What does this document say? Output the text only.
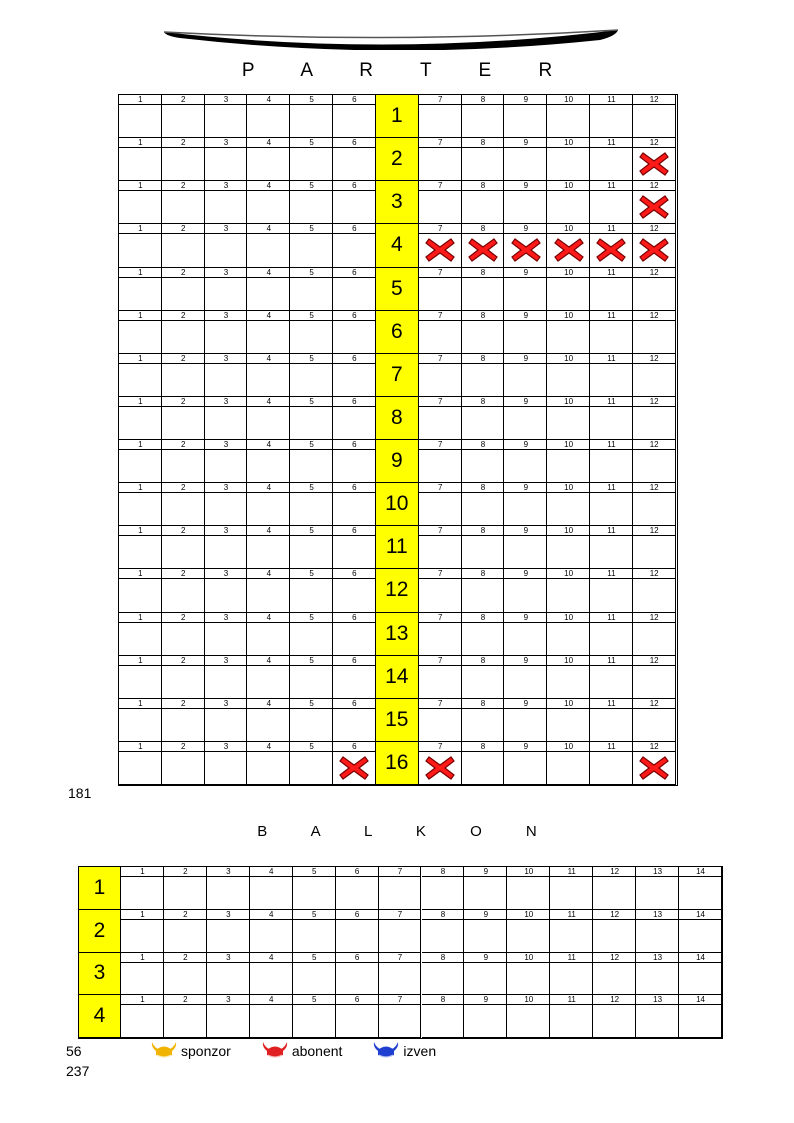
P A R T E R
1	2	3	4	5	6	7	8	9	10	11	12
1
1	2	3	4	5	6	7	8	9	10	11	12
2
1	2	3	4	5	6	7	8	9	10	11	12
3
1	2	3	4	5	6	7	8	9	10	11	12
4
1	2	3	4	5	6	7	8	9	10	11	12
5
1	2	3	4	5	6	7	8	9	10	11	12
6
1	2	3	4	5	6	7	8	9	10	11	12
7
1	2	3	4	5	6	7	8	9	10	11	12
8
1	2	3	4	5	6	7	8	9	10	11	12
9
1	2	3	4	5	6	7	8	9	10	11	12
10
1	2	3	4	5	6	7	8	9	10	11	12
11
1	2	3	4	5	6	7	8	9	10	11	12
12
1	2	3	4	5	6	7	8	9	10	11	12
13
1	2	3	4	5	6	7	8	9	10	11	12
14
1	2	3	4	5	6	7	8	9	10	11	12
15
1	2	3	4	5	6	7	8	9	10	11	12
16
181
B A L K O N
1
1	2	3	4	5	6	7	8	9	10	11	12	13	14
2
1	2	3	4	5	6	7	8	9	10	11	12	13	14
3
1	2	3	4	5	6	7	8	9	10	11	12	13	14
4
1	2	3	4	5	6	7	8	9	10	11	12	13	14
56
237
sponzor	abonent	izven
